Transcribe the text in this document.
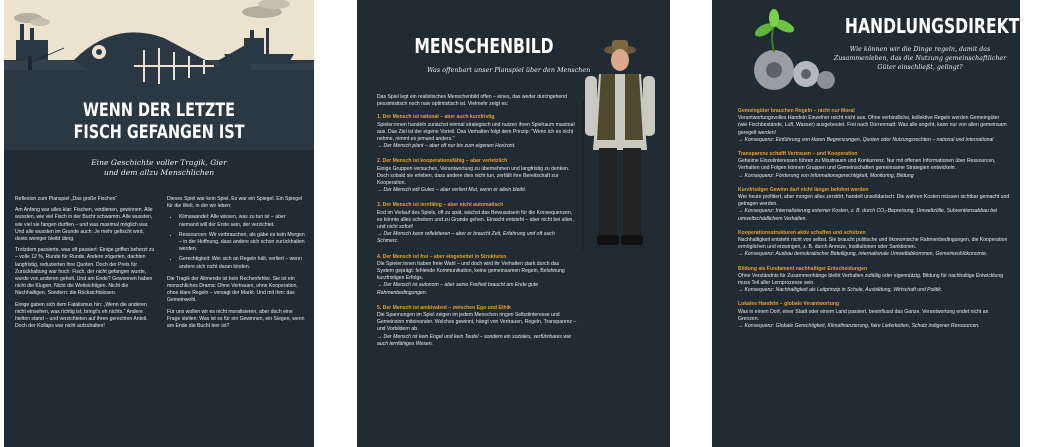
WENN DER LETZTE
FISCH GEFANGEN IST
Eine Geschichte voller Tragik, Gier
und dem allzu Menschlichen

Reflexion zum Planspiel „Das große Fischen“

Am Anfang war alles klar: Fischen, verdienen, gewinnen. Alle wussten, wie viel Fisch in der Bucht schwamm. Alle wussten, wie viel sie fangen durften – und was maximal möglich war. Und alle wussten im Grunde auch: Je mehr gefischt wird, desto weniger bleibt übrig.

Trotzdem passierte, was oft passiert: Einige griffen beherzt zu – volle 12 %, Runde für Runde. Andere zögerten, dachten langfristig, reduzierten ihre Quoten. Doch der Preis für Zurückhaltung war hoch: Fisch, der nicht gefangen wurde, wurde von anderen geholt. Und am Ende? Gewonnen haben nicht die Klugen. Nicht die Weitsichtigen. Nicht die Nachhaltigen. Sondern: die Rücksichtslosen.

Einige gaben sich dem Fatalismus hin: „Wenn die anderen nicht einsehen, was richtig ist, bringt’s eh nichts.“ Andere hielten stand – und verzichteten auf ihren gerechten Anteil. Doch der Kollaps war nicht aufzuhalten!

Dieses Spiel war kein Spiel. Es war ein Spiegel. Ein Spiegel für die Welt, in der wir leben:

• Klimawandel: Alle wissen, was zu tun ist – aber niemand will der Erste sein, der verzichtet.
• Ressourcen: Wir verbrauchen, als gäbe es kein Morgen – in der Hoffnung, dass andere sich schon zurückhalten werden.
• Gerechtigkeit: Wer sich an Regeln hält, verliert – wenn andere sich nicht daran binden.

Die Tragik der Allmende ist kein Rechenfehler. Sie ist ein menschliches Drama: Ohne Vertrauen, ohne Kooperation, ohne klare Regeln – versagt der Markt. Und mit ihm: das Gemeinwohl.

Für uns wollen wir es nicht moralisieren, aber doch eine Frage stellen: Was ist es für ein Gewinnen, ein Siegen, wenn am Ende die Bucht leer ist?

MENSCHENBILD
Was offenbart unser Planspiel über den Menschen

Das Spiel legt ein realistisches Menschenbild offen – eines, das weder durchgehend pessimistisch noch naiv optimistisch ist. Vielmehr zeigt es:

1. Der Mensch ist rational – aber auch kurzfristig
Spieler:innen handeln zunächst einmal strategisch und nutzen ihren Spielraum maximal aus. Das Ziel ist der eigene Vorteil. Das Verhalten folgt dem Prinzip: "Wenn ich es nicht nehme, nimmt es jemand anders."
→ Der Mensch plant – aber oft nur bis zum eigenen Horizont.
2. Der Mensch ist kooperationsfähig – aber verletzlich
Einige Gruppen versuchen, Verantwortung zu übernehmen und langfristig zu denken. Doch sobald sie erleben, dass andere dies nicht tun, zerfällt ihre Bereitschaft zur Kooperation.
→ Der Mensch will Gutes – aber verliert Mut, wenn er allein bleibt.
3. Der Mensch ist lernfähig – aber nicht automatisch
Erst im Verlauf des Spiels, oft zu spät, wächst das Bewusstsein für die Konsequenzen, es könnte alles scheitern und zu Grunde gehen. Einsicht entsteht – aber nicht bei allen, und nicht sofort!
→ Der Mensch kann reflektieren – aber er braucht Zeit, Erfahrung und oft auch Schmerz.
4. Der Mensch ist frei – aber eingebettet in Strukturen
Die Spieler:innen haben freie Wahl – und doch wird ihr Verhalten stark durch das System geprägt: fehlende Kommunikation, keine gemeinsamen Regeln, Belohnung kurzfristigen Erfolgs.
→ Der Mensch ist autonom – aber seine Freiheit braucht am Ende gute Rahmenbedingungen.
5. Der Mensch ist ambivalent – zwischen Ego und Ethik
Die Spannungen im Spiel zeigen im jedem Menschen ringen Selbstinteresse und Gemeinsinn miteinander. Welches gewinnt, hängt von Vertrauen, Regeln, Transparenz – und Vorbildern ab.
→ Der Mensch ist kein Engel und kein Teufel – sondern ein soziales, verführbares wie auch lernfähiges Wesen.
HANDLUNGSDIREKTIVEN
Wie können wir die Dinge regeln, damit das
Zusammenleben, das die Nutzung gemeinschaftlicher
Güter einschließt, gelingt?
Gemeingüter brauchen Regeln – nicht nur Moral
Verantwortungsvolles Handeln Einzelner reicht nicht aus. Ohne verbindliche, kollektive Regeln werden Gemeingüter (wie Fischbestände, Luft, Wasser) ausgebeutet. Frei nach Dürrenmatt: Was alle angeht, kann nur von allen gemeinsam geregelt werden!
→ Konsequenz: Einführung von klaren Begrenzungen, Quoten oder Nutzungsrechten – national und international
Transparenz schafft Vertrauen – und Kooperation
Geheime Einzelinteressen führen zu Misstrauen und Konkurrenz. Nur mit offenen Informationen über Ressourcen, Verhalten und Folgen können Gruppen und Gemeinschaften gemeinsame Strategien entwickeln.
→ Konsequenz: Förderung von Informationsgerechtigkeit, Monitoring, Bildung
Kurzfristiger Gewinn darf nicht länger belohnt werden
Wer heute profitiert, aber morgen alles zerstört, handelt unsolidarisch. Die wahren Kosten müssen sichtbar gemacht und getragen werden.
→ Konsequenz: Internalisierung externer Kosten, z. B. durch CO₂-Bepreisung, Umweltzölle, Subventionsabbau bei umweltschädlichem Verhalten.
Kooperationsstrukturen aktiv schaffen und schützen
Nachhaltigkeit entsteht nicht von selbst. Sie braucht politische und ökonomische Rahmenbedingungen, die Kooperation ermöglichen und erzwingen, z. B. durch Anreize, Institutionen oder Sanktionen.
→ Konsequenz: Ausbau demokratischer Beteiligung, internationale Umweltabkommen, Gemeinwohlökonomie.
Bildung als Fundament nachhaltiger Entscheidungen
Ohne Verständnis für Zusammenhänge bleibt Verhalten zufällig oder eigennützig. Bildung für nachhaltige Entwicklung muss Teil aller Lernprozesse sein.
→ Konsequenz: Nachhaltigkeit als Leitprinzip in Schule, Ausbildung, Wirtschaft und Politik.
Lokales Handeln – globale Verantwortung
Was in einem Dorf, einer Stadt oder einem Land passiert, beeinflusst das Ganze. Verantwortung endet nicht an Grenzen.
→ Konsequenz: Globale Gerechtigkeit, Klimafinanzierung, faire Lieferketten, Schutz indigener Ressourcen.
